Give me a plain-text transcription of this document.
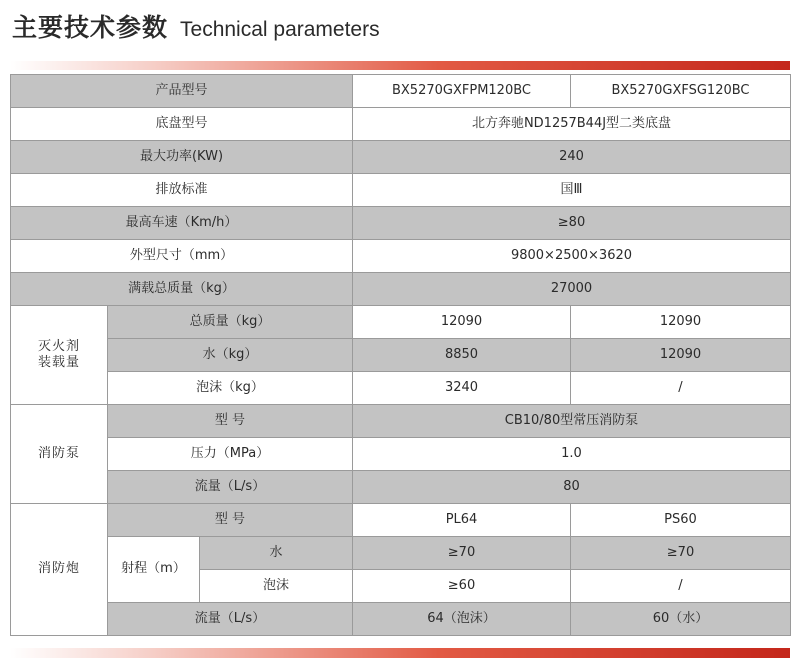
主要技术参数 Technical parameters
产品型号			BX5270GXFPM120BC	BX5270GXFSG120BC
底盘型号			北方奔驰ND1257B44J型二类底盘	
最大功率(KW)			240	
排放标准			国Ⅲ	
最高车速（Km/h）			≥80	
外型尺寸（mm）			9800×2500×3620	
满载总质量（kg）			27000	
灭火剂
装载量	总质量（kg）		12090	12090
	水（kg）		8850	12090
	泡沫（kg）		3240	/
消防泵	型 号		CB10/80型常压消防泵	
	压力（MPa）		1.0	
	流量（L/s）		80	
消防炮	型 号		PL64	PS60
	射程（m）	水	≥70	≥70
		泡沫	≥60	/
	流量（L/s）		64（泡沫）	60（水）
